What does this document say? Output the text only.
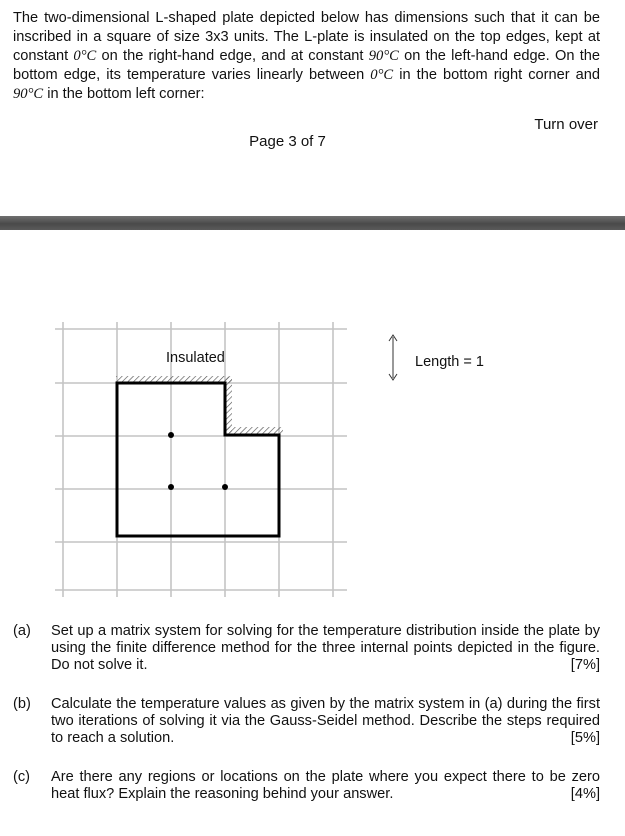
The two-dimensional L-shaped plate depicted below has dimensions such that it can be inscribed in a square of size 3x3 units. The L-plate is insulated on the top edges, kept at constant 0°C on the right-hand edge, and at constant 90°C on the left-hand edge. On the bottom edge, its temperature varies linearly between 0°C in the bottom right corner and 90°C in the bottom left corner:
Turn over
Page 3 of 7
Insulated	Length = 1
(a) Set up a matrix system for solving for the temperature distribution inside the plate by using the finite difference method for the three internal points depicted in the figure. Do not solve it.	[7%]
(b) Calculate the temperature values as given by the matrix system in (a) during the first two iterations of solving it via the Gauss-Seidel method. Describe the steps required to reach a solution.	[5%]
(c) Are there any regions or locations on the plate where you expect there to be zero heat flux? Explain the reasoning behind your answer.	[4%]
